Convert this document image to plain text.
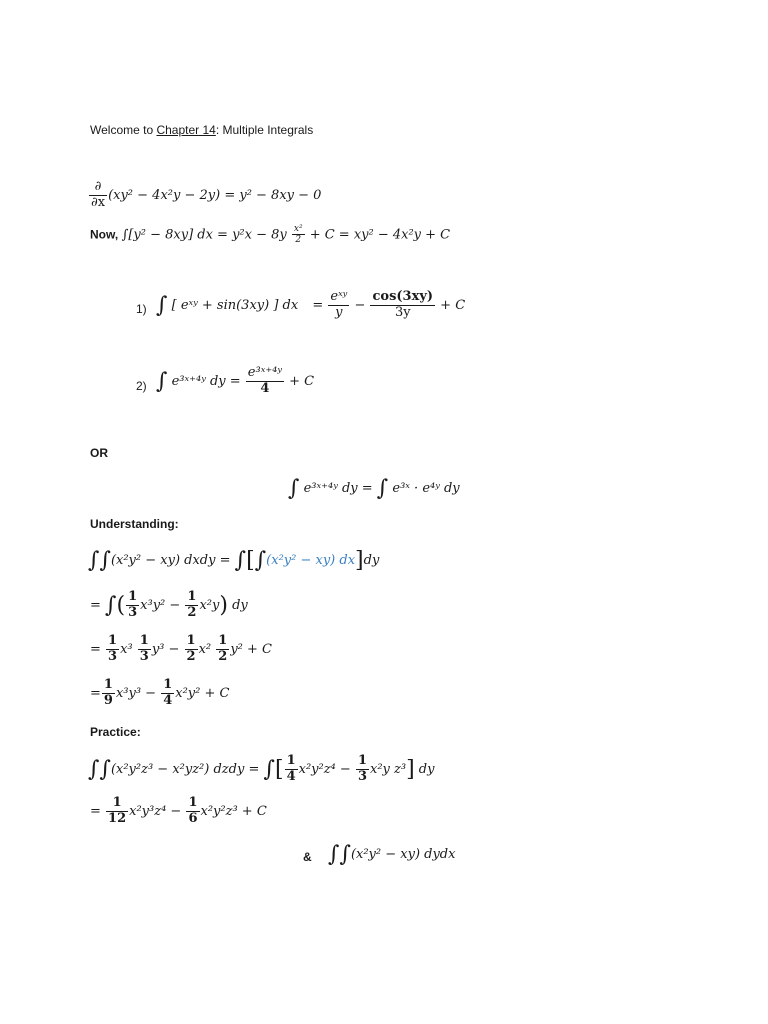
Welcome to Chapter 14: Multiple Integrals
$\frac{\partial}{\partial x} (xy^2 - 4x^2y - 2y) = y^2 - 8xy - 0$
Now, ∫[y² − 8xy] dx = $y^2x - 8y \frac{\text{x²}}{2} + C = xy^2 - 4x^2y + C$
1) ∫ [ eˣʸ + sin(3xy) ] dx = $\frac{\text{eˣʸ}}{y} - \frac{\cos(3xy)}{3y} + C$
2) ∫ e³ˣ⁺⁴ʸ dy = $\frac{\text{e³ˣ⁺⁴ʸ}}{4} + C$
OR
∫ e³ˣ⁺⁴ʸ dy = ∫ e³ˣ · e⁴ʸ dy
Understanding:
∫∫(x²y² − xy) dxdy = ∫[∫(x²y² − xy) dx]dy
= ∫( $\frac{1}{3} x^3y^2 - \frac{1}{2} x^2y$) dy
= $\frac{1}{3} x^3 \frac{1}{3} y^3 - \frac{1}{2} x^2 \frac{1}{2} y^2 + C$
= $\frac{1}{9} x^3y^3 - \frac{1}{4} x^2y^2 + C$
Practice:
∫∫(x²y²z³ − x²yz²) dzdy = ∫[ $\frac{1}{4} x^2y^2z^4 - \frac{1}{3} x^2y$ z³] dy
= $\frac{1}{12} x^2y^3z^4 - \frac{1}{6} x^2y^2z^3 + C$
& ∫∫(x²y² − xy) dydx
